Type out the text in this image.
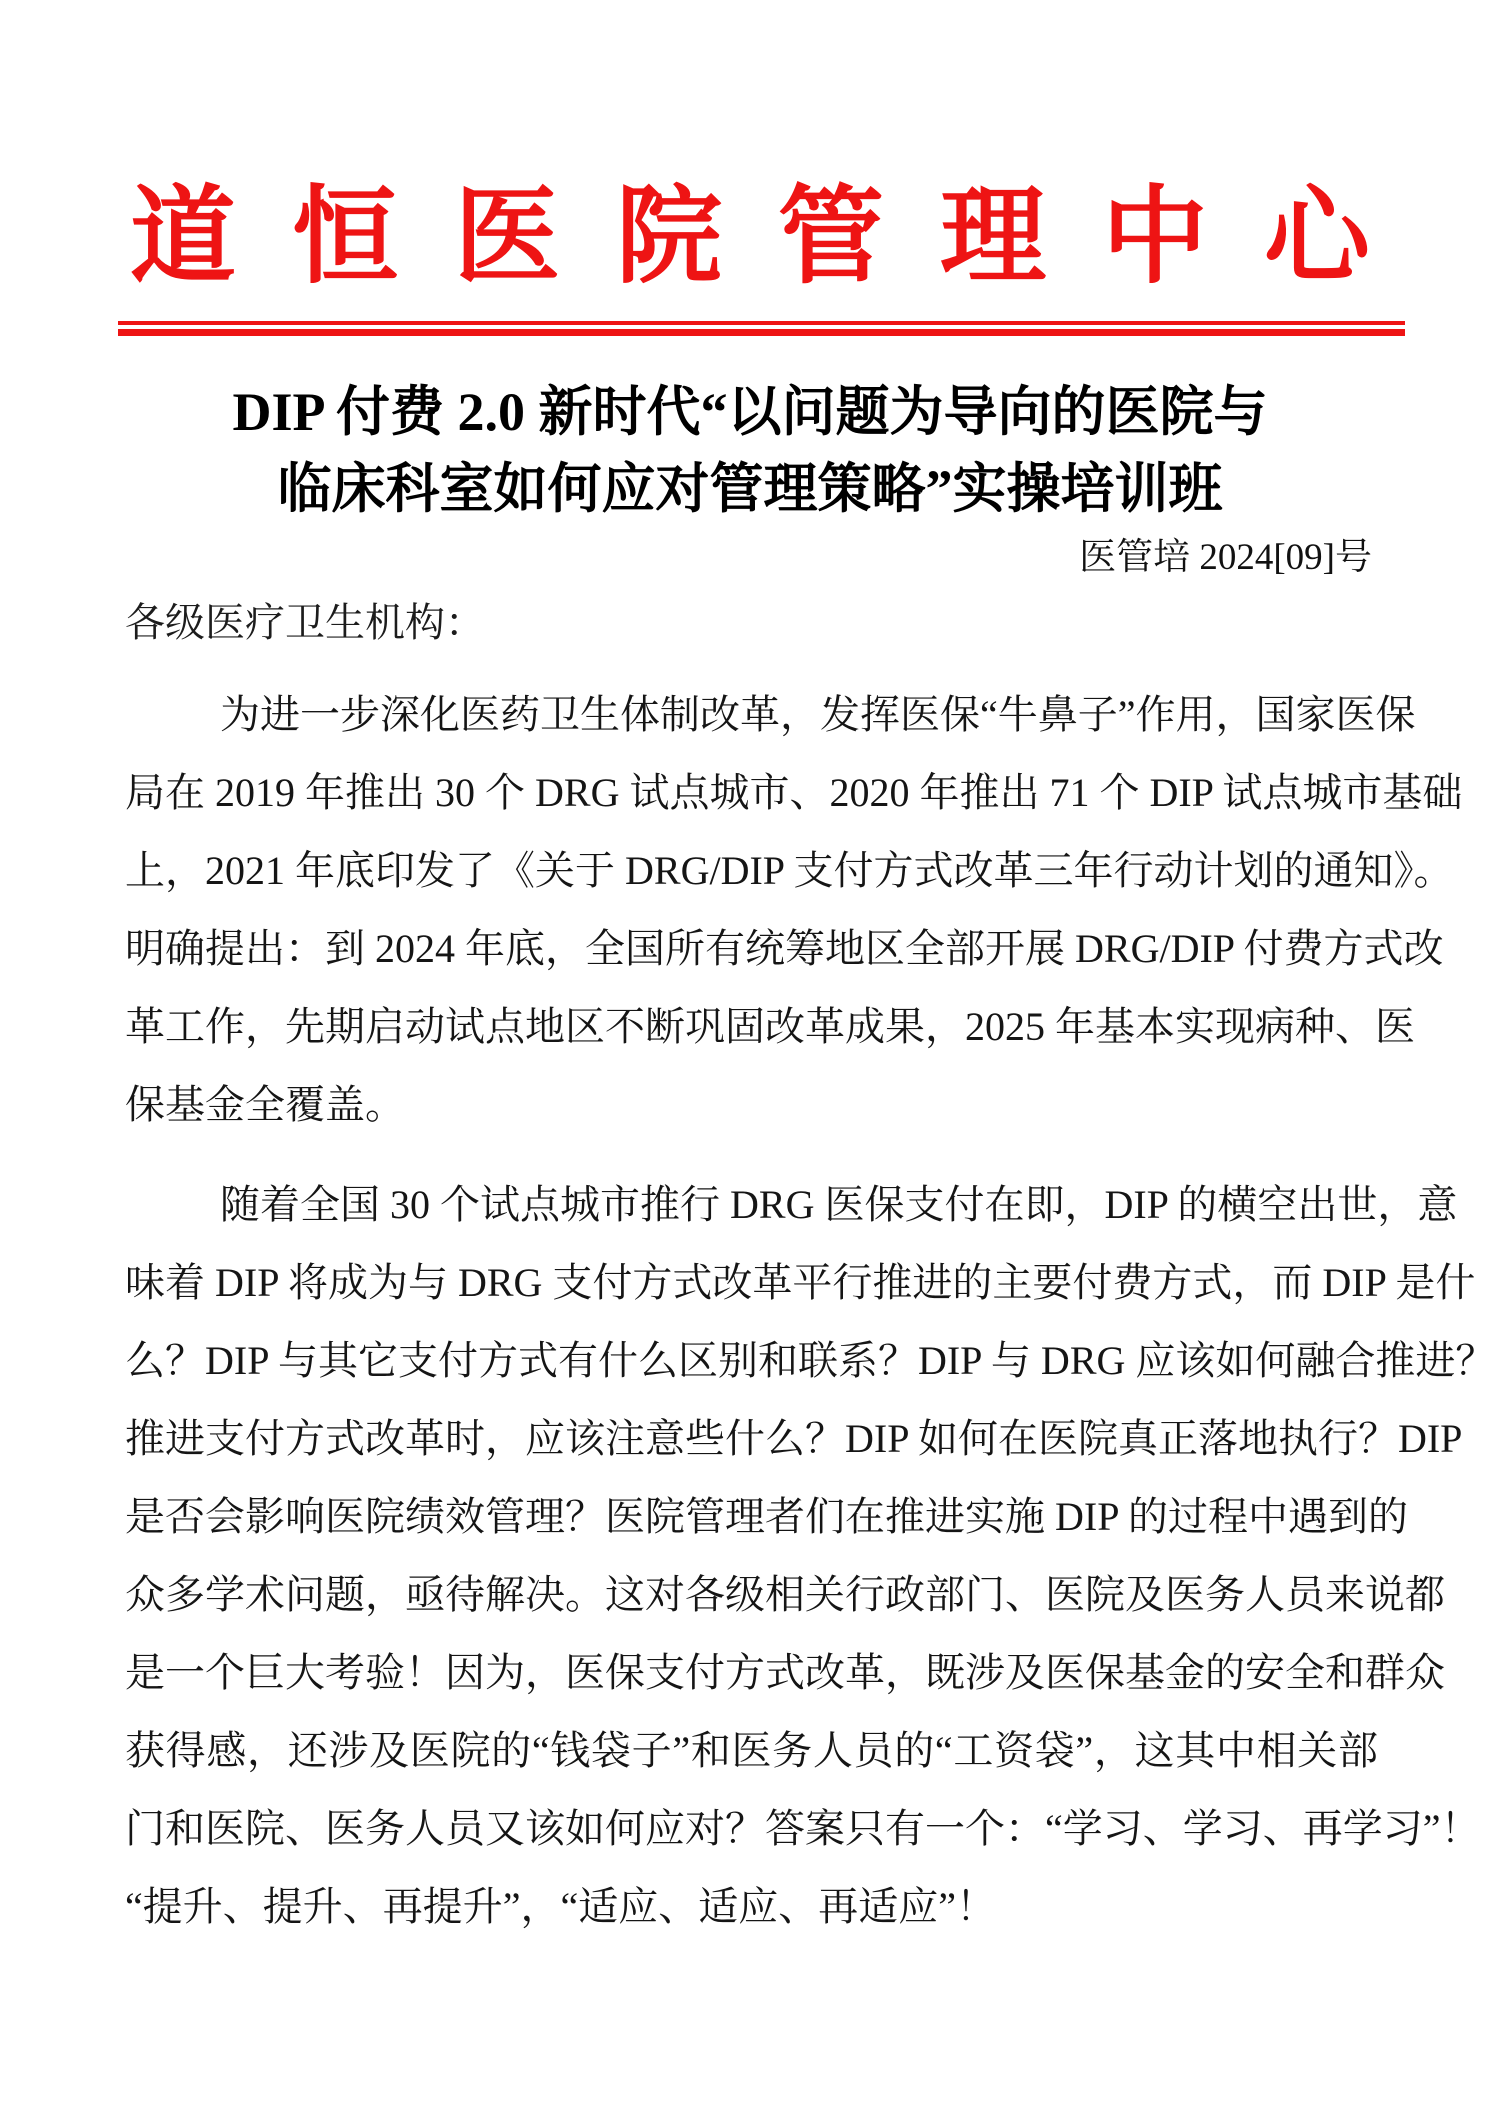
道恒医院管理中心
DIP 付费 2.0 新时代“以问题为导向的医院与
临床科室如何应对管理策略”实操培训班
医管培 2024[09]号
各级医疗卫生机构：
为进一步深化医药卫生体制改革，发挥医保“牛鼻子”作用，国家医保
局在 2019 年推出 30 个 DRG 试点城市、2020 年推出 71 个 DIP 试点城市基础
上，2021 年底印发了《关于 DRG/DIP 支付方式改革三年行动计划的通知》。
明确提出：到 2024 年底，全国所有统筹地区全部开展 DRG/DIP 付费方式改
革工作，先期启动试点地区不断巩固改革成果，2025 年基本实现病种、医
保基金全覆盖。
随着全国 30 个试点城市推行 DRG 医保支付在即，DIP 的横空出世，意
味着 DIP 将成为与 DRG 支付方式改革平行推进的主要付费方式，而 DIP 是什
么？DIP 与其它支付方式有什么区别和联系？DIP 与 DRG 应该如何融合推进？
推进支付方式改革时，应该注意些什么？DIP 如何在医院真正落地执行？DIP
是否会影响医院绩效管理？医院管理者们在推进实施 DIP 的过程中遇到的
众多学术问题，亟待解决。这对各级相关行政部门、医院及医务人员来说都
是一个巨大考验！因为，医保支付方式改革，既涉及医保基金的安全和群众
获得感，还涉及医院的“钱袋子”和医务人员的“工资袋”，这其中相关部
门和医院、医务人员又该如何应对？答案只有一个：“学习、学习、再学习”！
“提升、提升、再提升”，“适应、适应、再适应”！
